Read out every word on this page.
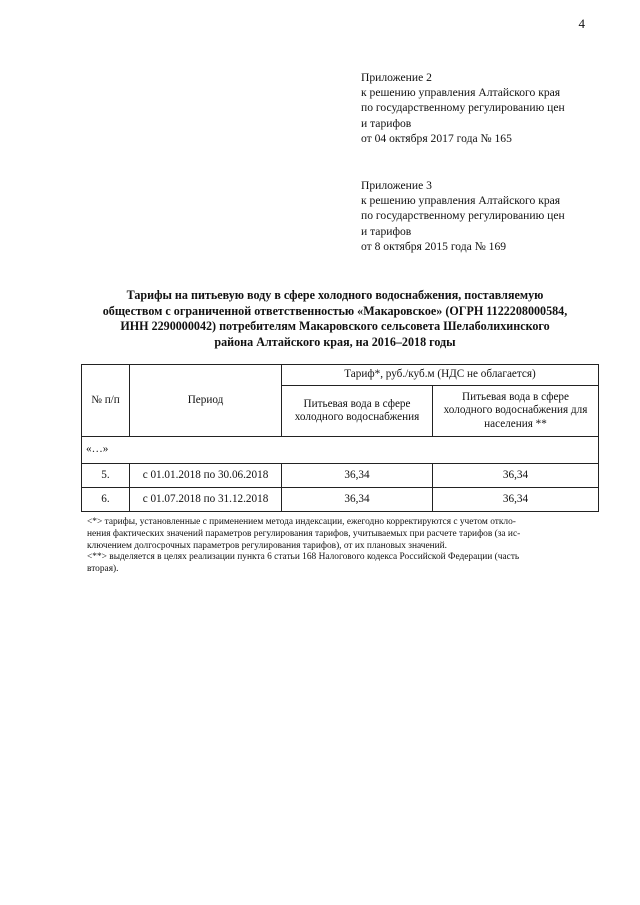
4
Приложение 2
к решению управления Алтайского края
по государственному регулированию цен
и тарифов
от 04 октября 2017 года № 165
Приложение 3
к решению управления Алтайского края
по государственному регулированию цен
и тарифов
от 8 октября 2015 года № 169
Тарифы на питьевую воду в сфере холодного водоснабжения, поставляемую
обществом с ограниченной ответственностью «Макаровское» (ОГРН 1122208000584,
ИНН 2290000042) потребителям Макаровского сельсовета Шелаболихинского
района Алтайского края, на 2016–2018 годы
№ п/п	Период	Тариф*, руб./куб.м (НДС не облагается)	
		Питьевая вода в сфере холодного водоснабжения	Питьевая вода в сфере холодного водоснабжения для населения **
«…»			
5.	с 01.01.2018 по 30.06.2018	36,34	36,34
6.	с 01.07.2018 по 31.12.2018	36,34	36,34
<*> тарифы, установленные с применением метода индексации, ежегодно корректируются с учетом откло-
нения фактических значений параметров регулирования тарифов, учитываемых при расчете тарифов (за ис-
ключением долгосрочных параметров регулирования тарифов), от их плановых значений.
<**> выделяется в целях реализации пункта 6 статьи 168 Налогового кодекса Российской Федерации (часть
вторая).
